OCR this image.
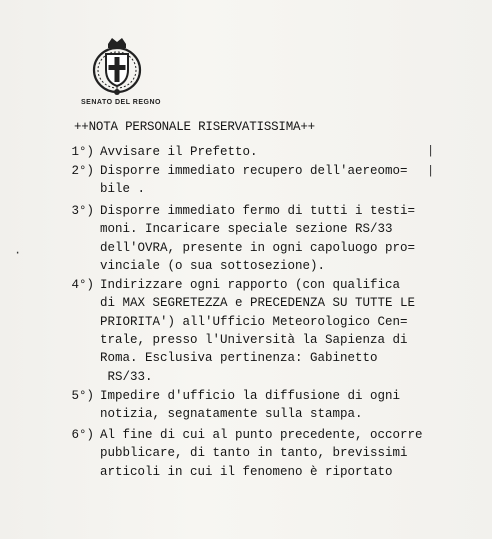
SENATO DEL REGNO
++NOTA PERSONALE RISERVATISSIMA++
1°) Avvisare il Prefetto.
2°) Disporre immediato recupero dell'aereomo=
bile .
3°) Disporre immediato fermo di tutti i testi=
moni. Incaricare speciale sezione RS/33
dell'OVRA, presente in ogni capoluogo pro=
vinciale (o sua sottosezione).
4°) Indirizzare ogni rapporto (con qualifica
di MAX SEGRETEZZA e PRECEDENZA SU TUTTE LE
PRIORITA') all'Ufficio Meteorologico Cen=
trale, presso l'Università la Sapienza di
Roma. Esclusiva pertinenza: Gabinetto
RS/33.
5°) Impedire d'ufficio la diffusione di ogni
notizia, segnatamente sulla stampa.
6°) Al fine di cui al punto precedente, occorre
pubblicare, di tanto in tanto, brevissimi
articoli in cui il fenomeno è riportato
|
|
·
